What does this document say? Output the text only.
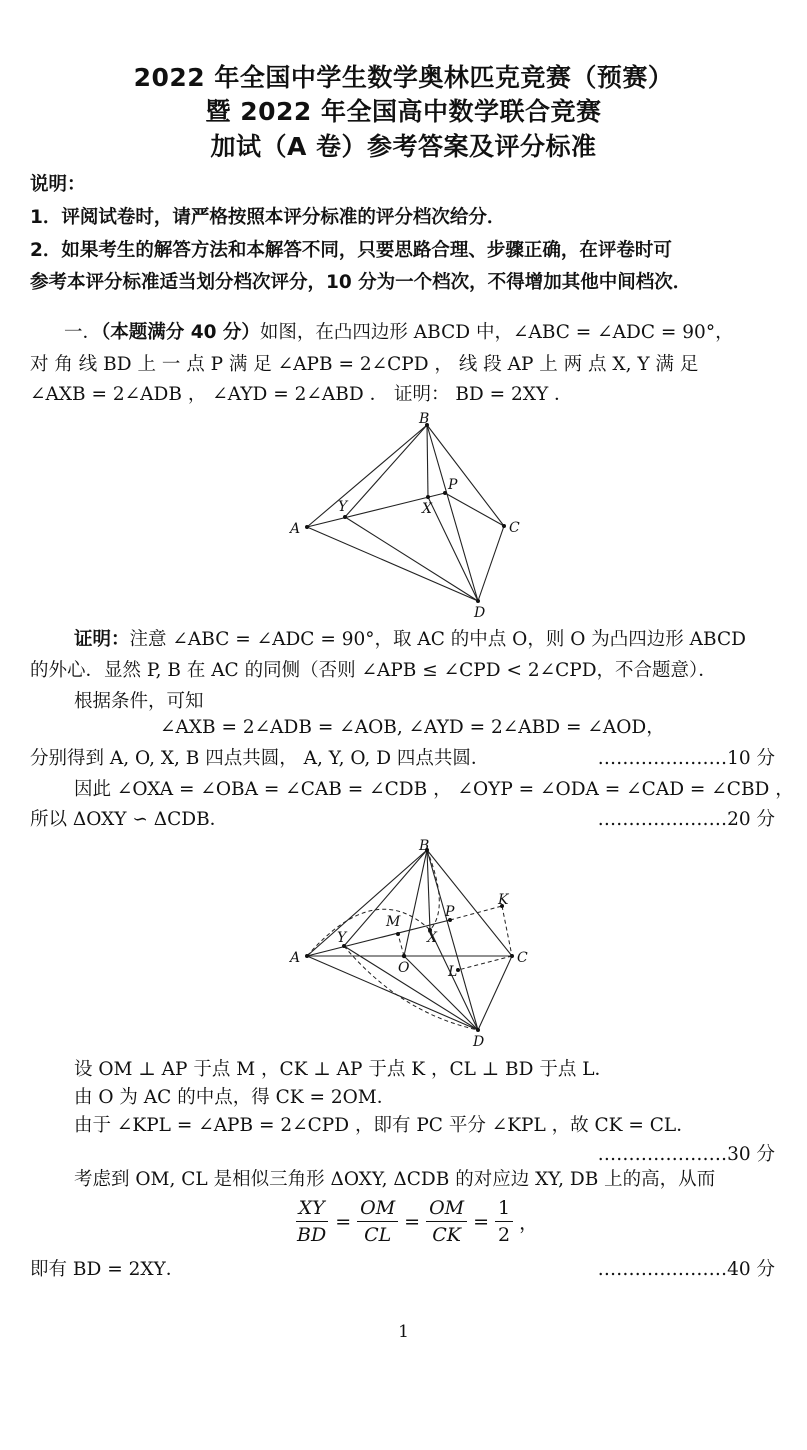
2022 年全国中学生数学奥林匹克竞赛（预赛）
暨 2022 年全国高中数学联合竞赛
加试（A 卷）参考答案及评分标准
说明：
1．评阅试卷时，请严格按照本评分标准的评分档次给分．
2．如果考生的解答方法和本解答不同，只要思路合理、步骤正确，在评卷时可
参考本评分标准适当划分档次评分，10 分为一个档次，不得增加其他中间档次．
一．（本题满分 40 分）如图，在凸四边形 ABCD 中，∠ABC = ∠ADC = 90°，
对 角 线 BD 上 一 点 P 满 足 ∠APB = 2∠CPD ， 线 段 AP 上 两 点 X, Y 满 足
∠AXB = 2∠ADB ， ∠AYD = 2∠ABD ． 证明： BD = 2XY ．
B
P
X
Y
A	C
D
证明：注意 ∠ABC = ∠ADC = 90°，取 AC 的中点 O，则 O 为凸四边形 ABCD
的外心．显然 P, B 在 AC 的同侧（否则 ∠APB ≤ ∠CPD < 2∠CPD，不合题意）．
根据条件，可知
∠AXB = 2∠ADB = ∠AOB, ∠AYD = 2∠ABD = ∠AOD，
分别得到 A, O, X, B 四点共圆， A, Y, O, D 四点共圆．	…………………10 分
因此 ∠OXA = ∠OBA = ∠CAB = ∠CDB ， ∠OYP = ∠ODA = ∠CAD = ∠CBD ，
所以 ΔOXY ∽ ΔCDB．	…………………20 分
B
K
P
M
X
Y
A
O
C
L
D
设 OM ⊥ AP 于点 M ，CK ⊥ AP 于点 K ，CL ⊥ BD 于点 L．
由 O 为 AC 的中点，得 CK = 2OM．
由于 ∠KPL = ∠APB = 2∠CPD ，即有 PC 平分 ∠KPL ，故 CK = CL．
…………………30 分
考虑到 OM, CL 是相似三角形 ΔOXY, ΔCDB 的对应边 XY, DB 上的高，从而
$\frac{XY}{BD} = \frac{OM}{CL} = \frac{OM}{CK} = \frac{1}{2}$ ，
即有 BD = 2XY．	…………………40 分
1
